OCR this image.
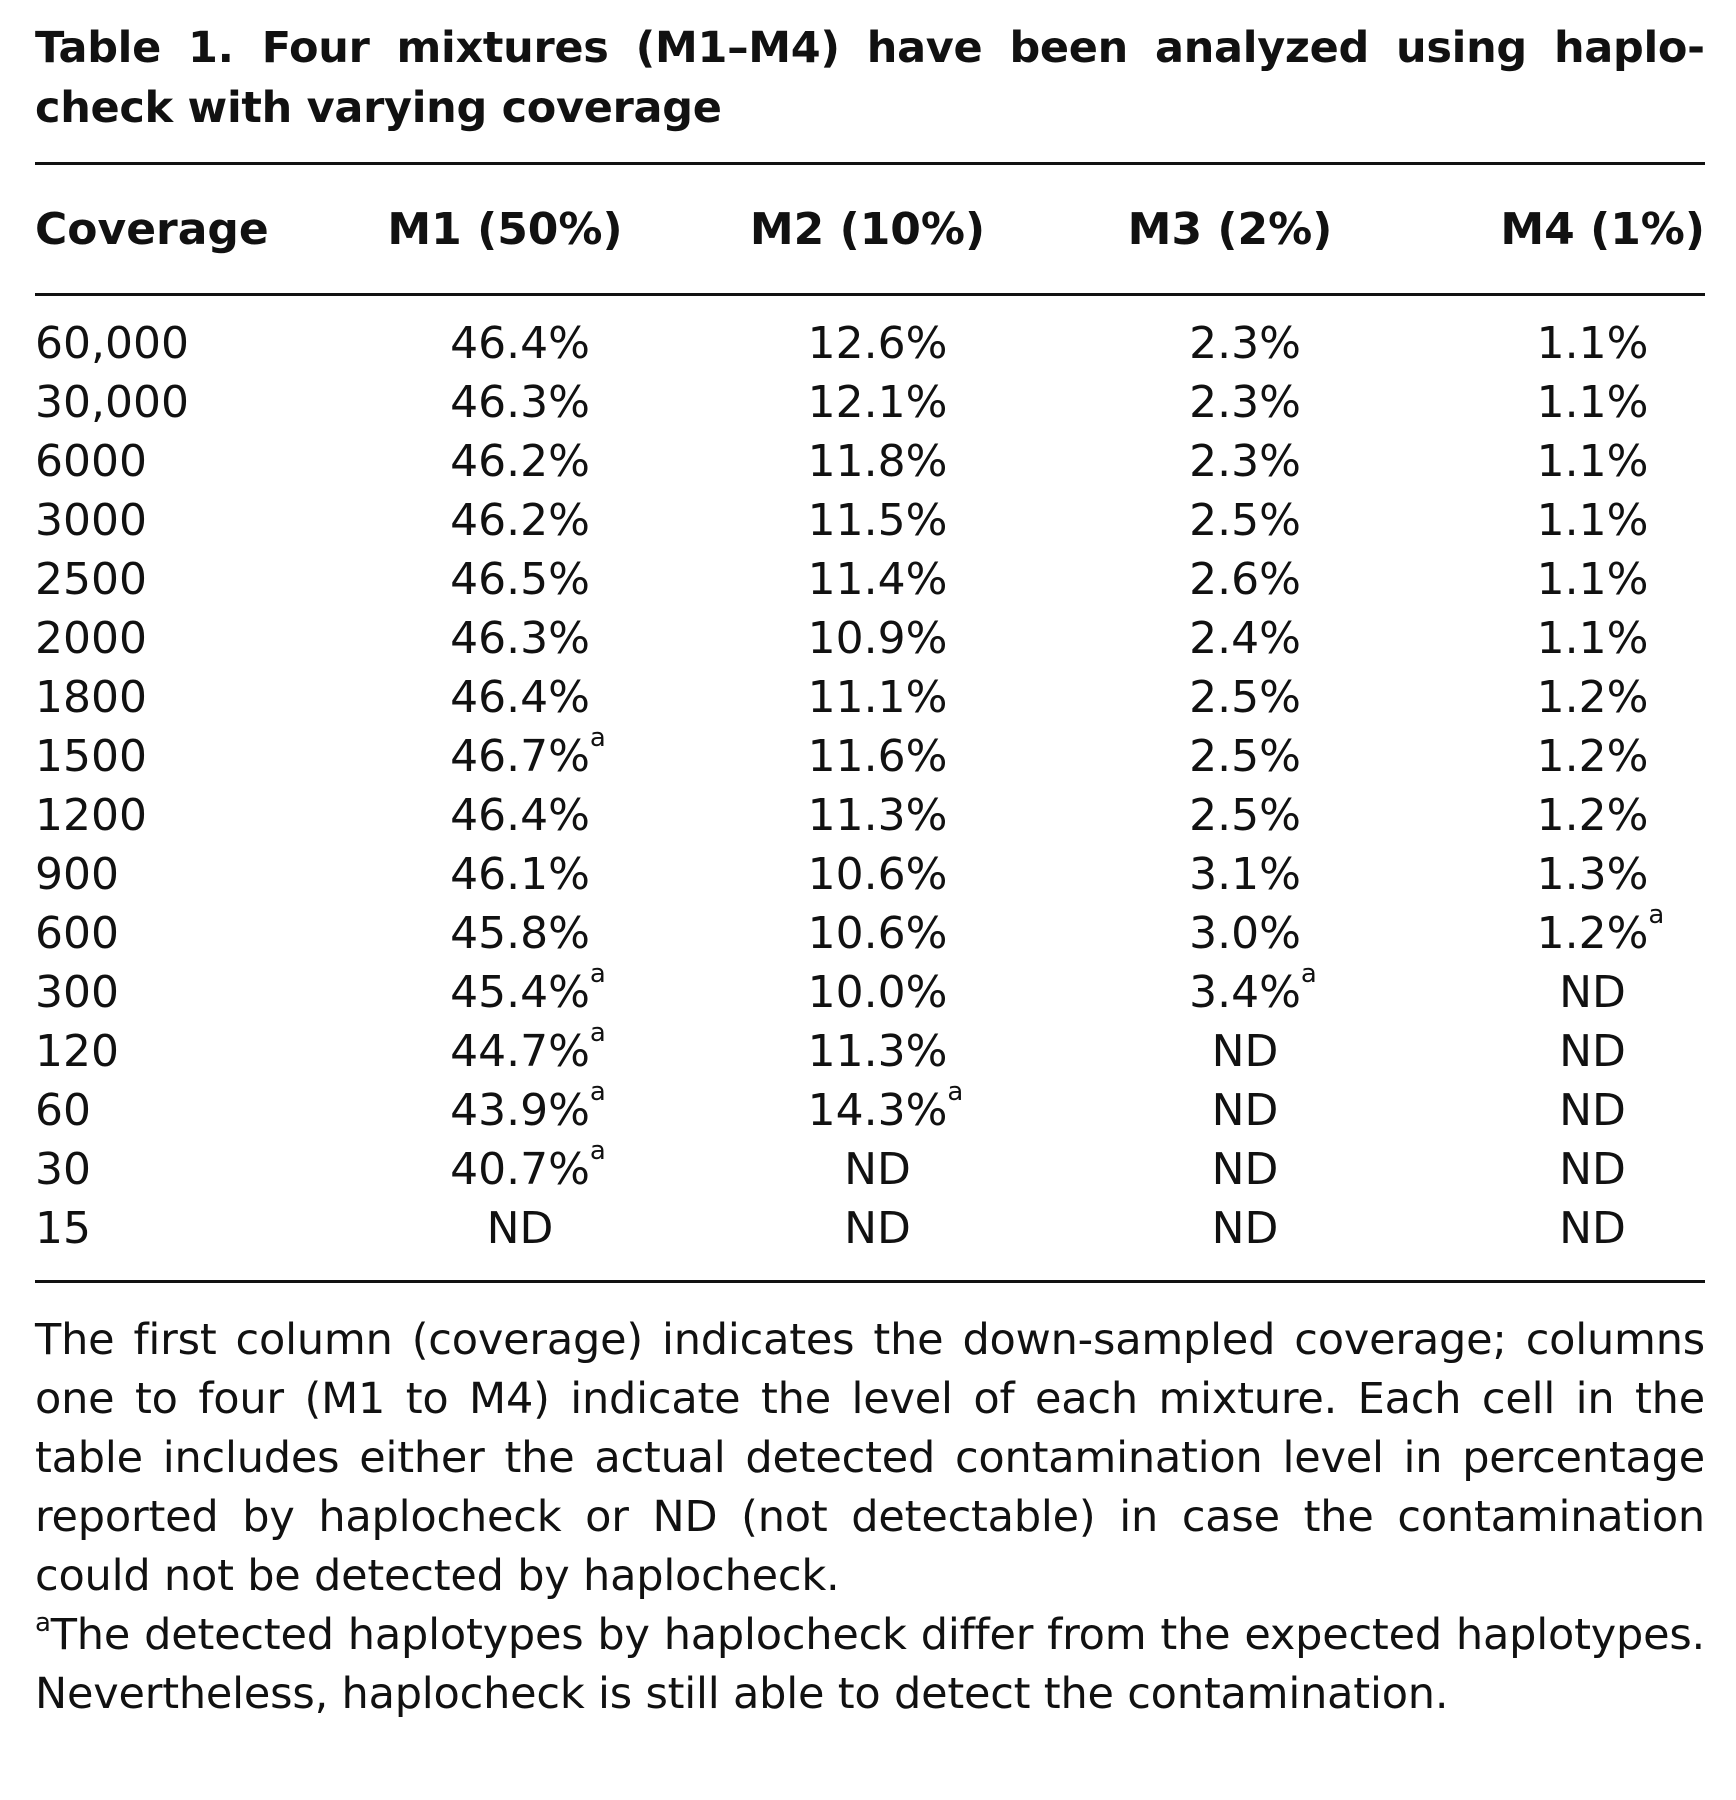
Table 1. Four mixtures (M1–M4) have been analyzed using haplocheck with varying coverage

Coverage	M1 (50%)	M2 (10%)	M3 (2%)	M4 (1%)

60,000	46.4%	12.6%	2.3%	1.1%
30,000	46.3%	12.1%	2.3%	1.1%
6000	46.2%	11.8%	2.3%	1.1%
3000	46.2%	11.5%	2.5%	1.1%
2500	46.5%	11.4%	2.6%	1.1%
2000	46.3%	10.9%	2.4%	1.1%
1800	46.4%	11.1%	2.5%	1.2%
1500	46.7% a	11.6%	2.5%	1.2%
1200	46.4%	11.3%	2.5%	1.2%
900	46.1%	10.6%	3.1%	1.3%
600	45.8%	10.6%	3.0%	1.2% a

300	45.4% a	10.0%	3.4% a	ND
120	44.7% a	11.3%	ND	ND
60	43.9% a	14.3% a	ND	ND
30	40.7% a	ND	ND	ND
15	ND	ND	ND	ND

The first column (coverage) indicates the down-sampled coverage; columns one to four (M1 to M4) indicate the level of each mixture. Each cell in the table includes either the actual detected contamination level in percentage reported by haplocheck or ND (not detectable) in case the contamination could not be detected by haplocheck.

$^a$The detected haplotypes by haplocheck differ from the expected haplotypes. Nevertheless, haplocheck is still able to detect the contamination.
